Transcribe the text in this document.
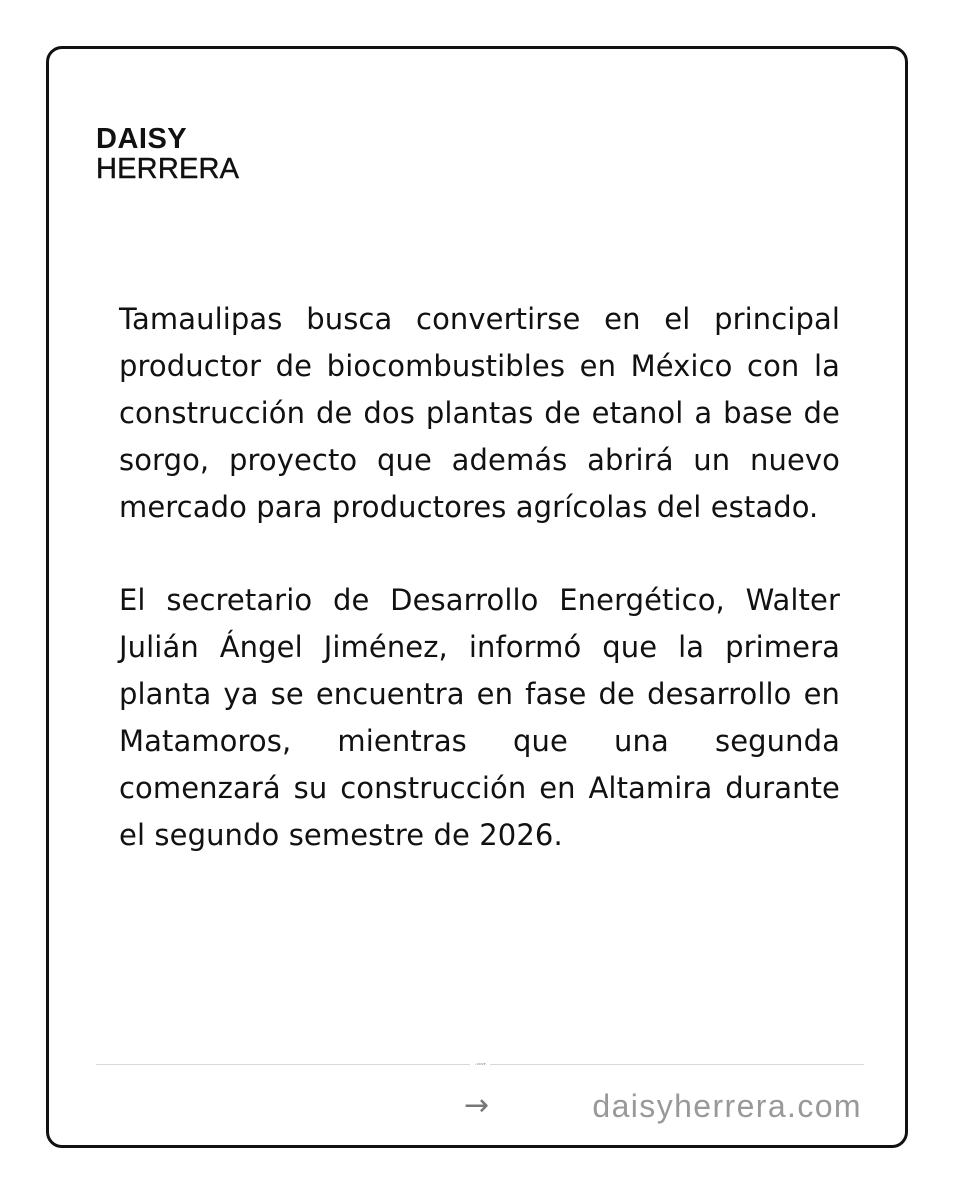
DAISY
HERRERA

Tamaulipas busca convertirse en el principal productor de biocombustibles en México con la construcción de dos plantas de etanol a base de sorgo, proyecto que además abrirá un nuevo mercado para productores agrícolas del estado.

El secretario de Desarrollo Energético, Walter Julián Ángel Jiménez, informó que la primera planta ya se encuentra en fase de desarrollo en Matamoros, mientras que una segunda comenzará su construcción en Altamira durante el segundo semestre de 2026.

• DOVE
→	daisyherrera.com
